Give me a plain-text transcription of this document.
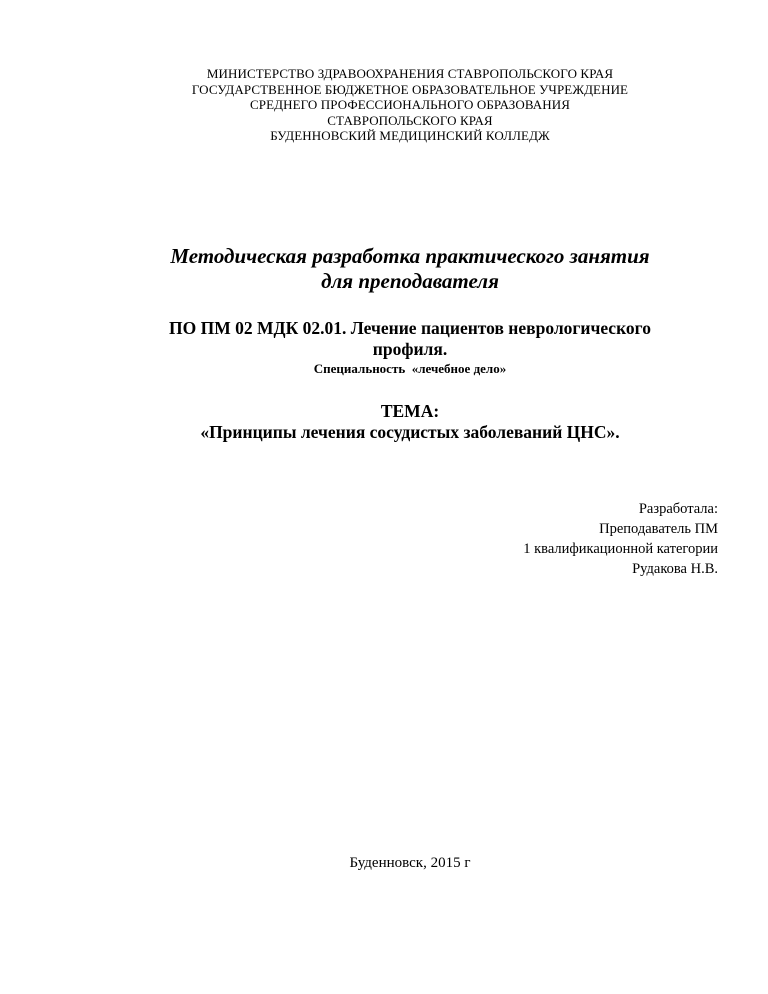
МИНИСТЕРСТВО ЗДРАВООХРАНЕНИЯ СТАВРОПОЛЬСКОГО КРАЯ
ГОСУДАРСТВЕННОЕ БЮДЖЕТНОЕ ОБРАЗОВАТЕЛЬНОЕ УЧРЕЖДЕНИЕ
СРЕДНЕГО ПРОФЕССИОНАЛЬНОГО ОБРАЗОВАНИЯ
СТАВРОПОЛЬСКОГО КРАЯ
БУДЕННОВСКИЙ МЕДИЦИНСКИЙ КОЛЛЕДЖ
Методическая разработка практического занятия
для преподавателя
ПО ПМ 02 МДК 02.01. Лечение пациентов неврологического
профиля.
Специальность  «лечебное дело»
ТЕМА:
«Принципы лечения сосудистых заболеваний ЦНС».
Разработала:
Преподаватель ПМ
1 квалификационной категории
Рудакова Н.В.
Буденновск, 2015 г
